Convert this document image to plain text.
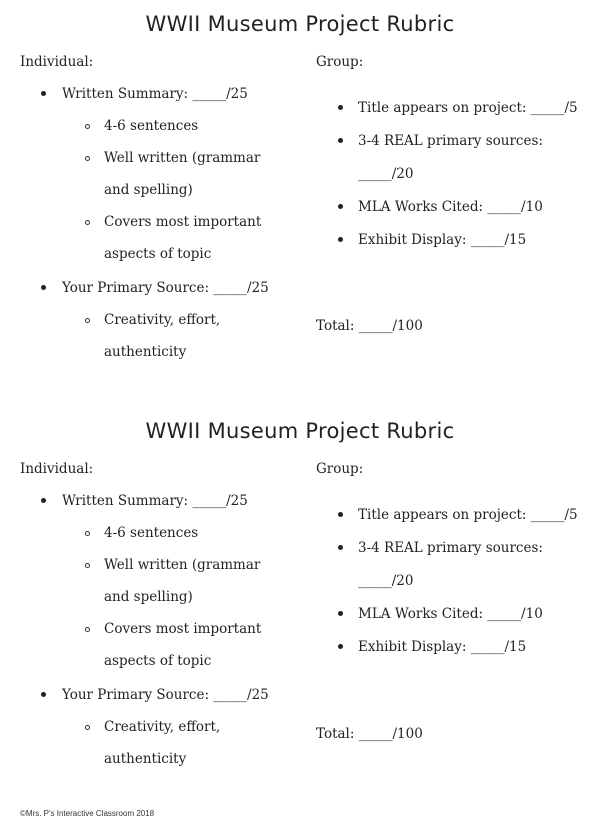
WWII Museum Project Rubric
Individual:	Group:
Written Summary: _____/25
4-6 sentences
Well written (grammar
and spelling)
Covers most important
aspects of topic
Your Primary Source: _____/25
Creativity, effort,
authenticity
Title appears on project: _____/5
3-4 REAL primary sources:
_____/20
MLA Works Cited: _____/10
Exhibit Display: _____/15
Total: _____/100
WWII Museum Project Rubric
Individual:	Group:
Written Summary: _____/25
4-6 sentences
Well written (grammar
and spelling)
Covers most important
aspects of topic
Your Primary Source: _____/25
Creativity, effort,
authenticity
Title appears on project: _____/5
3-4 REAL primary sources:
_____/20
MLA Works Cited: _____/10
Exhibit Display: _____/15
Total: _____/100
©Mrs. P's Interactive Classroom 2018
